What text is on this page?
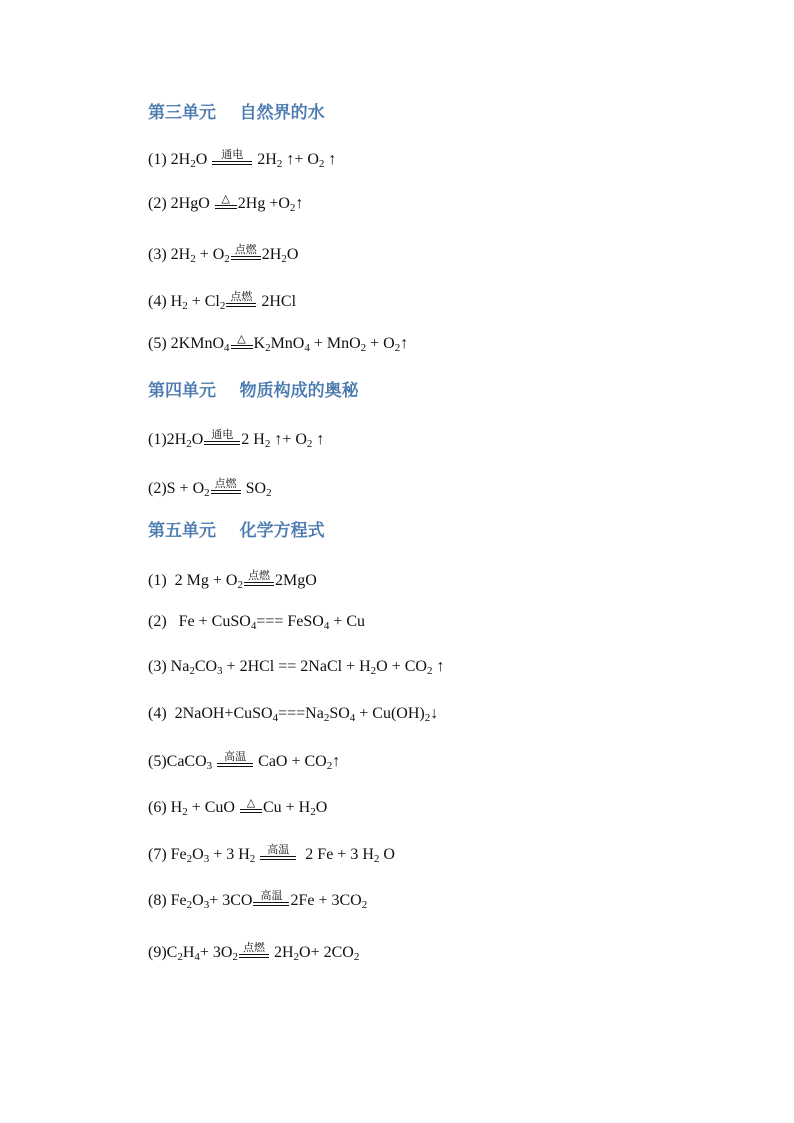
第三单元    自然界的水
(1) $2H_2O$	通电 $2H_2$ ↑+ $O_2$ ↑
(2) 2HgO △ $2Hg +O_2↑$
(3) $2H_2 + O_2$
点燃 $2H_2O$
(4) $H_2 + Cl_2$
点燃 2HCl
(5) 2KMnO$_4$
△ $K_2MnO_4 + MnO_2$ + $O_2↑$
第四单元    物质构成的奥秘
$(1)2H_2O$ 通电 2 $H_2$ ↑+ $O_2$ ↑
$(2)S + O_2$
点燃 $SO_2$
第五单元    化学方程式
(1)  2 $Mg + O_2$
点燃 2MgO
(2)   Fe + CuSO$_4$=== FeSO$_4$ + Cu
(3) $Na_2CO_3 + 2HCl$ == 2NaCl + $H_2O + CO_2$ ↑
(4)  $2NaOH+CuSO_4===Na_2SO_4$ + $Cu(OH)_2↓$
(5)CaCO$_3$
高温 CaO + $CO_2↑$
(6) $H_2$ + CuO △ $Cu + H_2O$
(7) $Fe_2O_3 + 3$ $H_2$
高温 2 Fe + 3 $H_2$ O
(8) $Fe_2O_3+ 3CO$ 高温 $2Fe + 3CO_2$
$(9)C_2H_4+ 3O_2$
点燃 $2H_2O+ 2CO_2$
